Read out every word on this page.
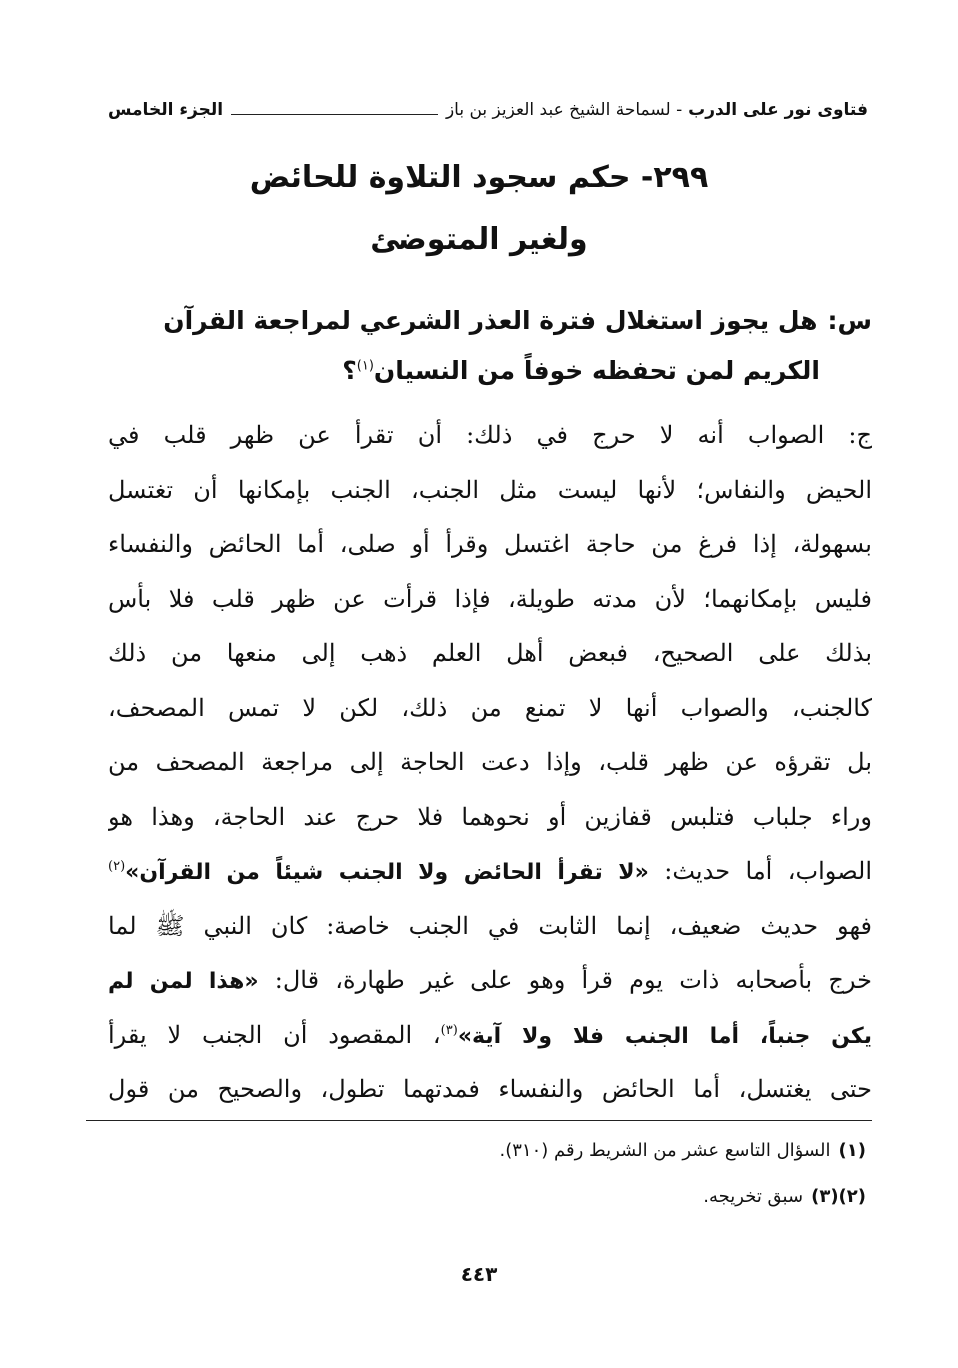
فتاوى نور على الدرب - لسماحة الشيخ عبد العزيز بن باز
الجزء الخامس
٢٩٩- حكم سجود التلاوة للحائض
ولغير المتوضئ
س:هل يجوز استغلال فترة العذر الشرعي لمراجعة القرآن
الكريم لمن تحفظه خوفاً من النسيان$^{(١)}$؟
ج: الصواب أنه لا حرج في ذلك: أن تقرأ عن ظهر قلب في
الحيض والنفاس؛ لأنها ليست مثل الجنب، الجنب بإمكانها أن تغتسل
بسهولة، إذا فرغ من حاجة اغتسل وقرأ أو صلى، أما الحائض والنفساء
فليس بإمكانهما؛ لأن مدته طويلة، فإذا قرأت عن ظهر قلب فلا بأس
بذلك على الصحيح، فبعض أهل العلم ذهب إلى منعها من ذلك
كالجنب، والصواب أنها لا تمنع من ذلك، لكن لا تمس المصحف،
بل تقرؤه عن ظهر قلب، وإذا دعت الحاجة إلى مراجعة المصحف من
وراء جلباب فتلبس قفازين أو نحوهما فلا حرج عند الحاجة، وهذا هو
الصواب، أما حديث: «لا تقرأ الحائض ولا الجنب شيئاً من القرآن»$^{(٢)}$
فهو حديث ضعيف، إنما الثابت في الجنب خاصة: كان النبي ﷺ لما
خرج بأصحابه ذات يوم قرأ وهو على غير طهارة، قال: «هذا لمن لم
يكن جنباً، أما الجنب فلا ولا آية»$^{(٣)}$، المقصود أن الجنب لا يقرأ
حتى يغتسل، أما الحائض والنفساء فمدتهما تطول، والصحيح من قول
(١)السؤال التاسع عشر من الشريط رقم (٣١٠).
(٢)(٣)سبق تخريجه.
٤٤٣
